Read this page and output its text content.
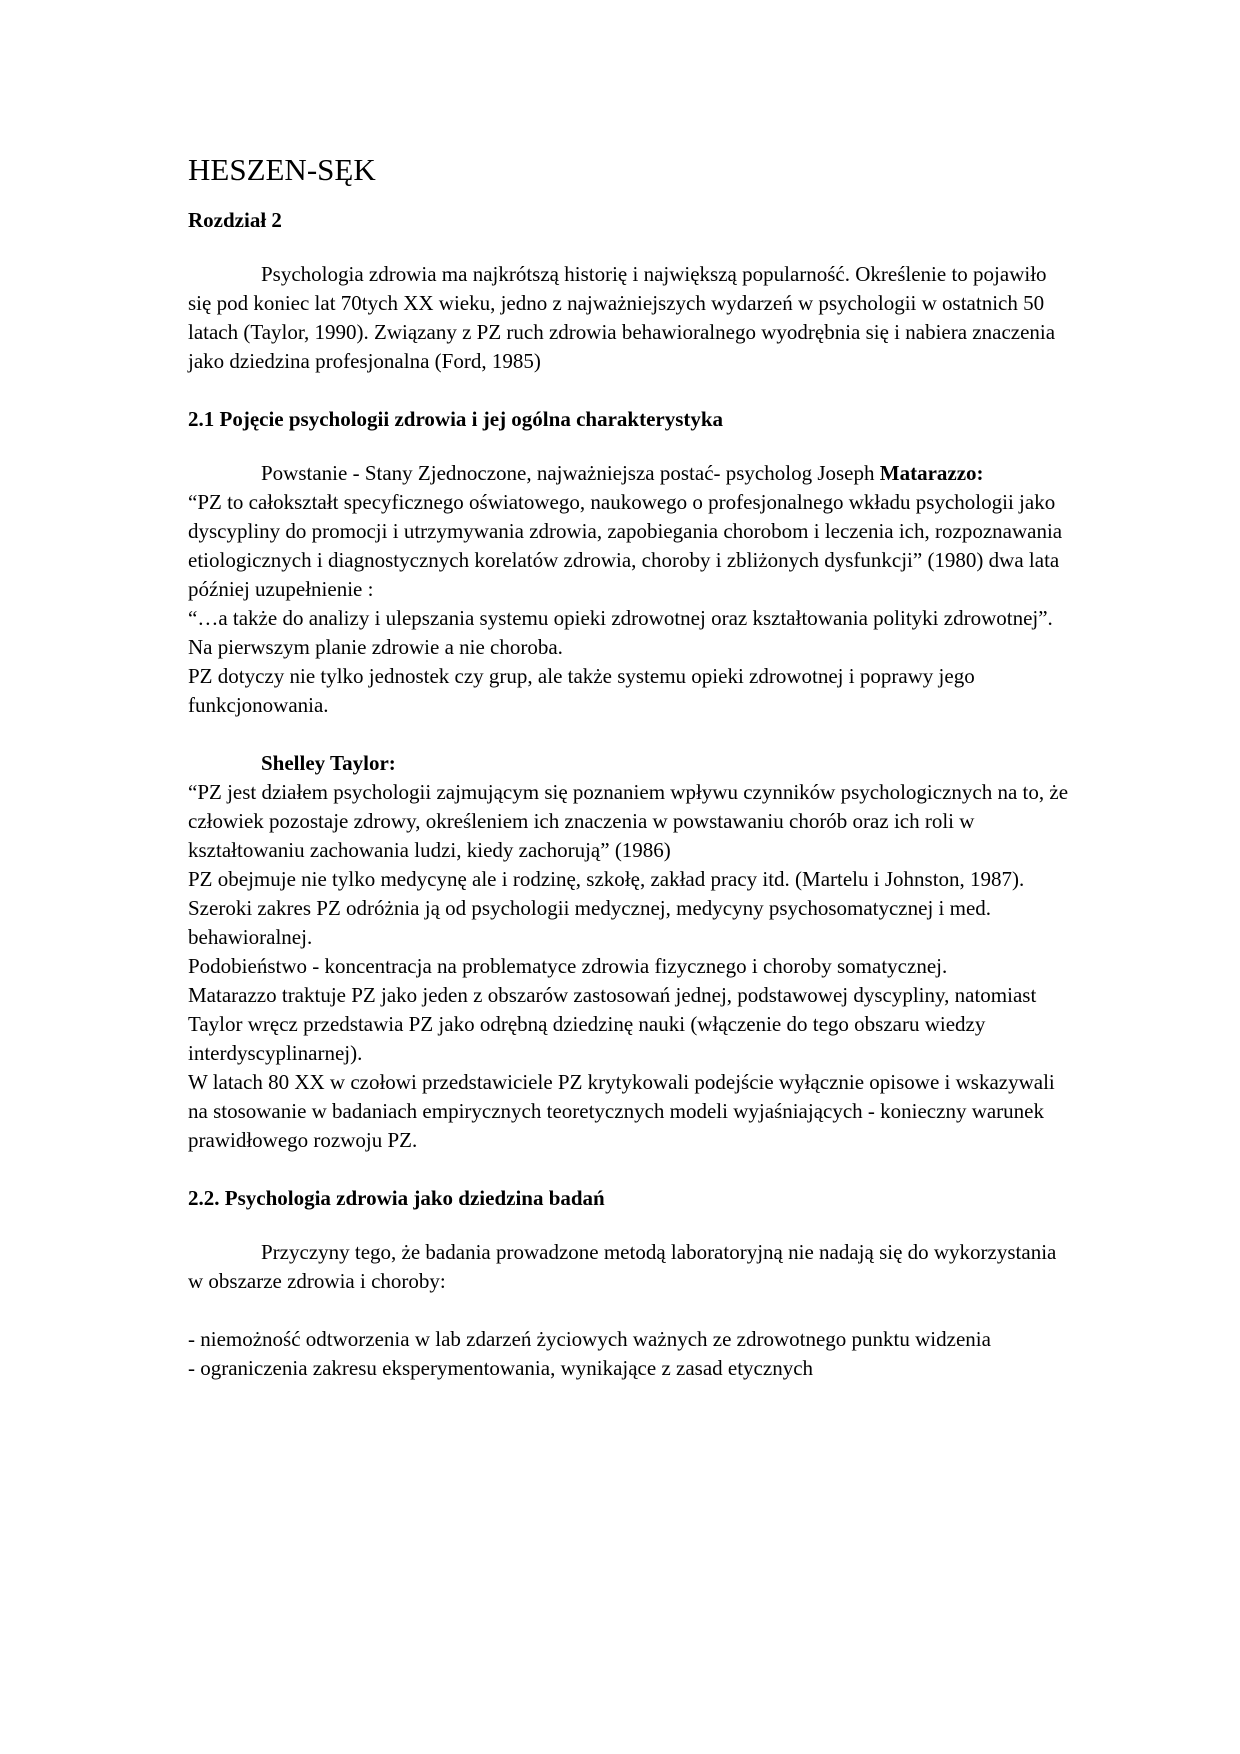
HESZEN-SĘK
Rozdział 2

Psychologia zdrowia ma najkrótszą historię i największą popularność. Określenie to pojawiło się pod koniec lat 70tych XX wieku, jedno z najważniejszych wydarzeń w psychologii w ostatnich 50 latach (Taylor, 1990). Związany z PZ ruch zdrowia behawioralnego wyodrębnia się i nabiera znaczenia jako dziedzina profesjonalna (Ford, 1985)

2.1 Pojęcie psychologii zdrowia i jej ogólna charakterystyka

Powstanie - Stany Zjednoczone, najważniejsza postać- psycholog Joseph Matarazzo:

“PZ to całokształt specyficznego oświatowego, naukowego o profesjonalnego wkładu psychologii jako dyscypliny do promocji i utrzymywania zdrowia, zapobiegania chorobom i leczenia ich, rozpoznawania etiologicznych i diagnostycznych korelatów zdrowia, choroby i zbliżonych dysfunkcji” (1980) dwa lata później uzupełnienie :

“…a także do analizy i ulepszania systemu opieki zdrowotnej oraz kształtowania polityki zdrowotnej”.

Na pierwszym planie zdrowie a nie choroba.

PZ dotyczy nie tylko jednostek czy grup, ale także systemu opieki zdrowotnej i poprawy jego funkcjonowania.

Shelley Taylor:

“PZ jest działem psychologii zajmującym się poznaniem wpływu czynników psychologicznych na to, że człowiek pozostaje zdrowy, określeniem ich znaczenia w powstawaniu chorób oraz ich roli w kształtowaniu zachowania ludzi, kiedy zachorują” (1986)

PZ obejmuje nie tylko medycynę ale i rodzinę, szkołę, zakład pracy itd. (Martelu i Johnston, 1987).

Szeroki zakres PZ odróżnia ją od psychologii medycznej, medycyny psychosomatycznej i med. behawioralnej.

Podobieństwo - koncentracja na problematyce zdrowia fizycznego i choroby somatycznej.

Matarazzo traktuje PZ jako jeden z obszarów zastosowań jednej, podstawowej dyscypliny, natomiast Taylor wręcz przedstawia PZ jako odrębną dziedzinę nauki (włączenie do tego obszaru wiedzy interdyscyplinarnej).

W latach 80 XX w czołowi przedstawiciele PZ krytykowali podejście wyłącznie opisowe i wskazywali na stosowanie w badaniach empirycznych teoretycznych modeli wyjaśniających - konieczny warunek prawidłowego rozwoju PZ.

2.2. Psychologia zdrowia jako dziedzina badań

Przyczyny tego, że badania prowadzone metodą laboratoryjną nie nadają się do wykorzystania w obszarze zdrowia i choroby:

- niemożność odtworzenia w lab zdarzeń życiowych ważnych ze zdrowotnego punktu widzenia

- ograniczenia zakresu eksperymentowania, wynikające z zasad etycznych
